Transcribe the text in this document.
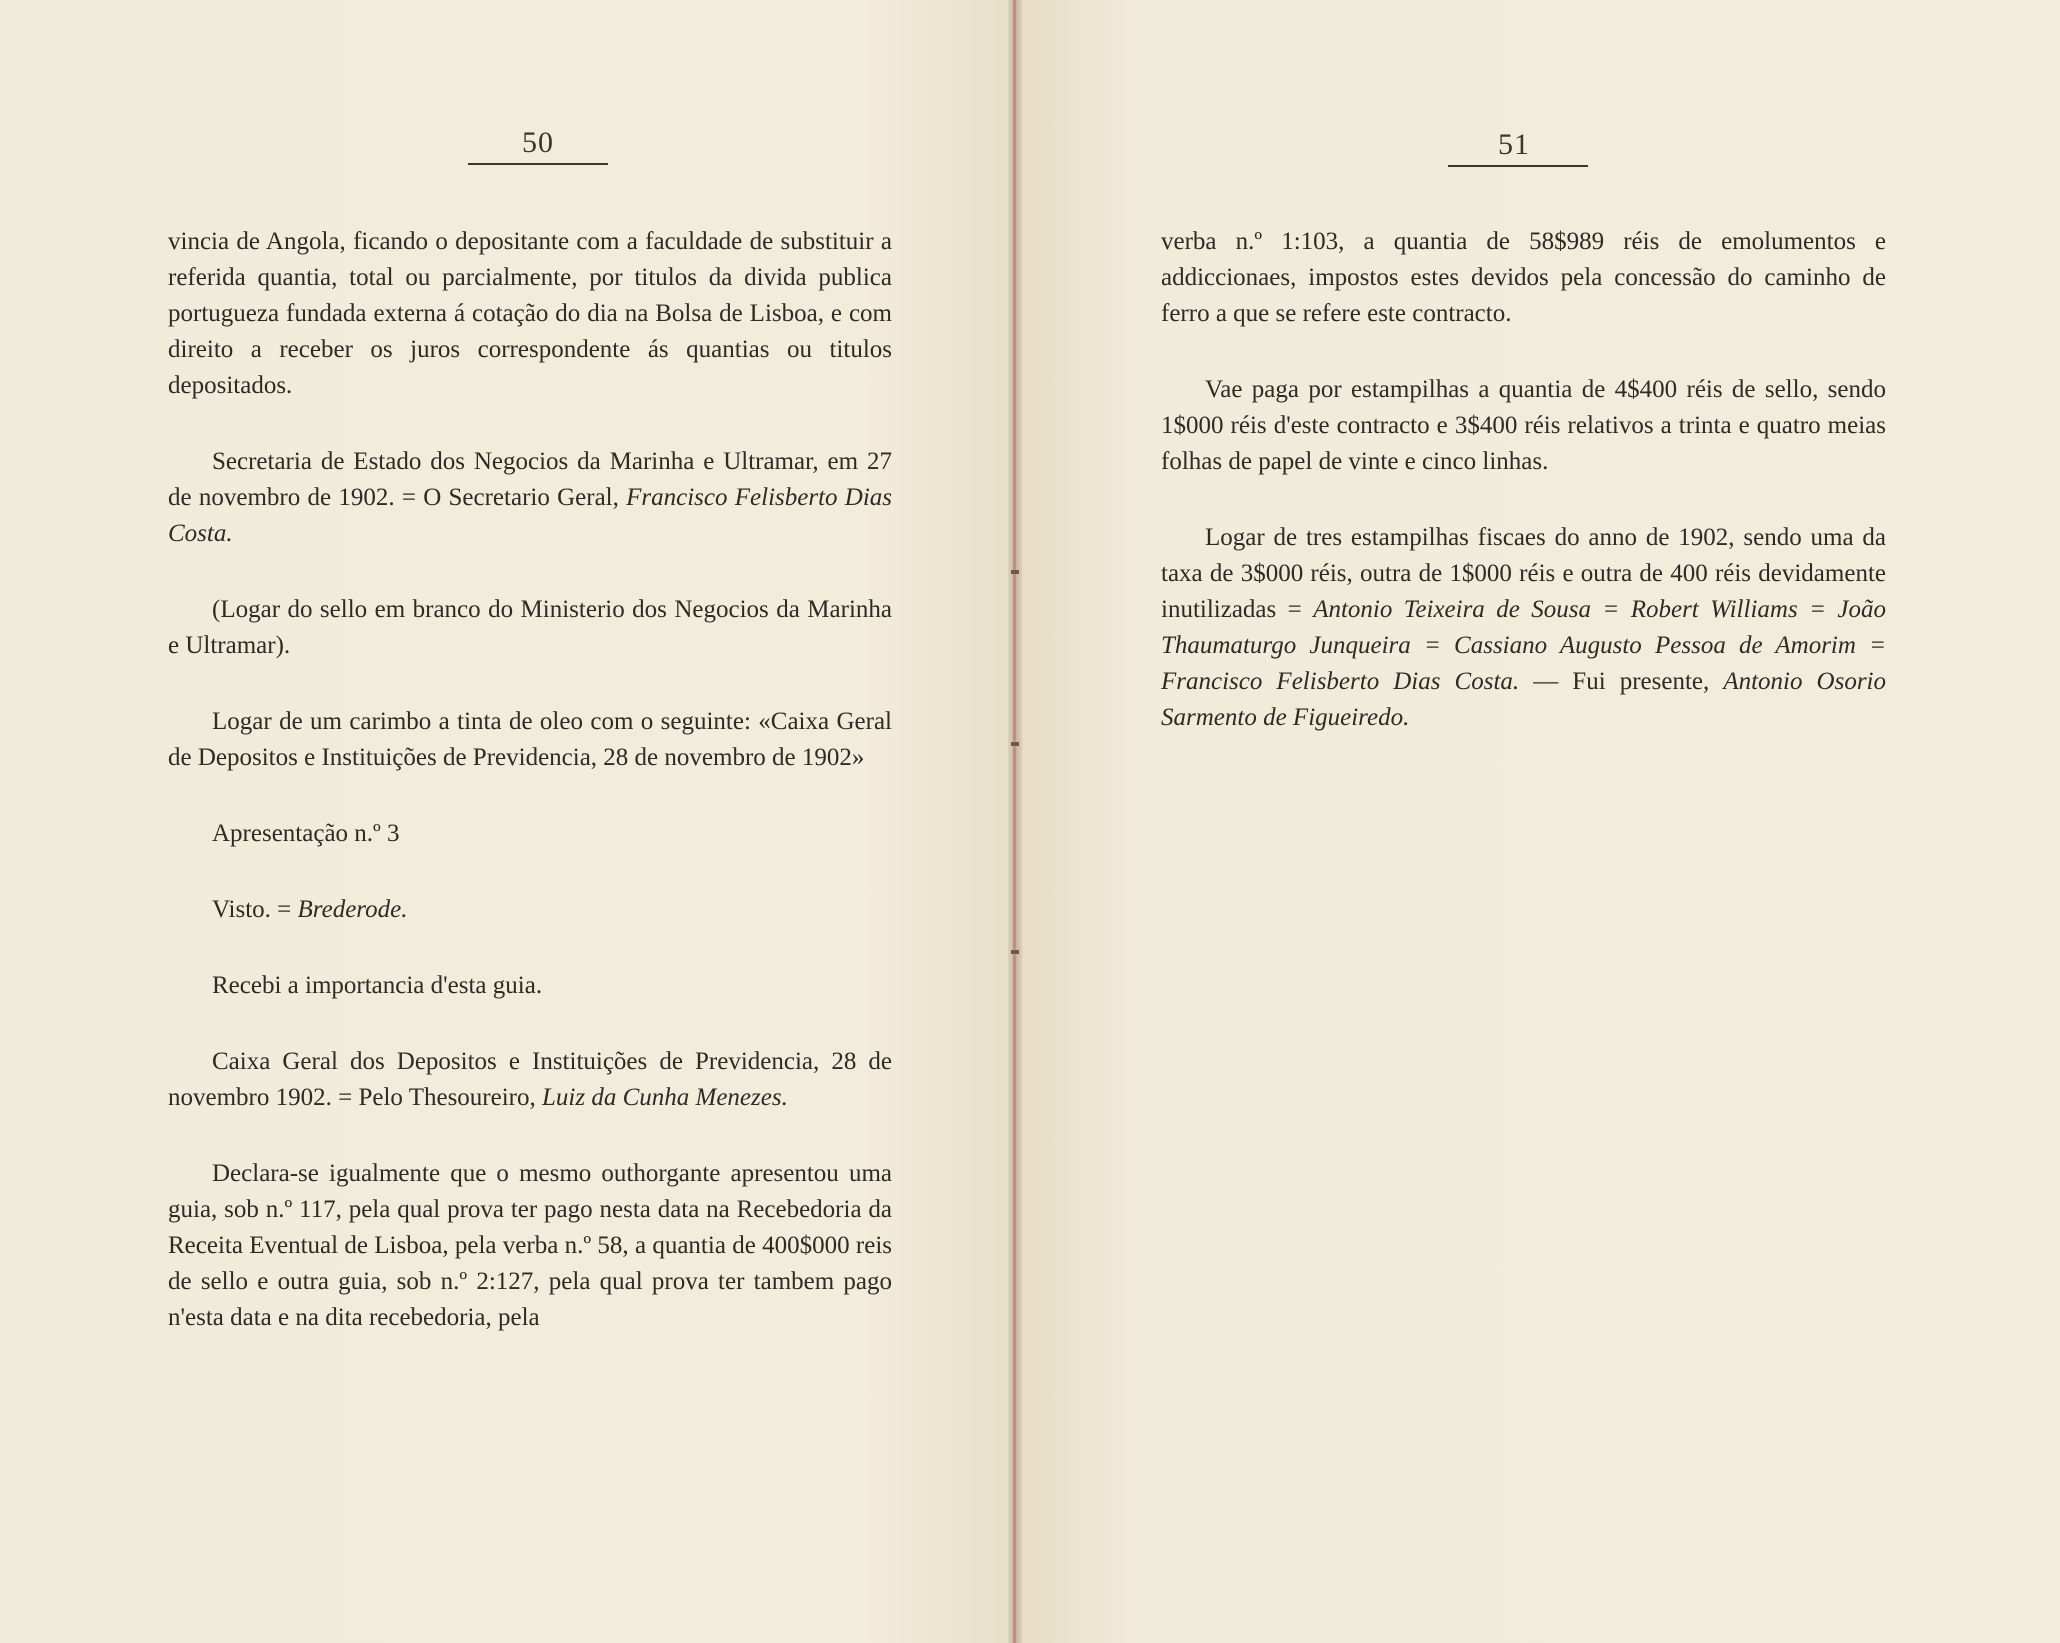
50

vincia de Angola, ficando o depositante com a faculdade de substituir a referida quantia, total ou parcialmente, por titulos da divida publica portugueza fundada externa á cotação do dia na Bolsa de Lisboa, e com direito a receber os juros correspondente ás quantias ou titulos depositados.

Secretaria de Estado dos Negocios da Marinha e Ultramar, em 27 de novembro de 1902. = O Secretario Geral, Francisco Felisberto Dias Costa.

(Logar do sello em branco do Ministerio dos Negocios da Marinha e Ultramar).

Logar de um carimbo a tinta de oleo com o seguinte: «Caixa Geral de Depositos e Instituições de Previdencia, 28 de novembro de 1902»

Apresentação n.º 3

Visto. = Brederode.

Recebi a importancia d'esta guia.

Caixa Geral dos Depositos e Instituições de Previdencia, 28 de novembro 1902. = Pelo Thesoureiro, Luiz da Cunha Menezes.

Declara-se igualmente que o mesmo outhorgante apresentou uma guia, sob n.º 117, pela qual prova ter pago nesta data na Recebedoria da Receita Eventual de Lisboa, pela verba n.º 58, a quantia de 400$000 reis de sello e outra guia, sob n.º 2:127, pela qual prova ter tambem pago n'esta data e na dita recebedoria, pela

51

verba n.º 1:103, a quantia de 58$989 réis de emolumentos e addiccionaes, impostos estes devidos pela concessão do caminho de ferro a que se refere este contracto.

Vae paga por estampilhas a quantia de 4$400 réis de sello, sendo 1$000 réis d'este contracto e 3$400 réis relativos a trinta e quatro meias folhas de papel de vinte e cinco linhas.

Logar de tres estampilhas fiscaes do anno de 1902, sendo uma da taxa de 3$000 réis, outra de 1$000 réis e outra de 400 réis devidamente inutilizadas = Antonio Teixeira de Sousa = Robert Williams = João Thaumaturgo Junqueira = Cassiano Augusto Pessoa de Amorim = Francisco Felisberto Dias Costa. — Fui presente, Antonio Osorio Sarmento de Figueiredo.
